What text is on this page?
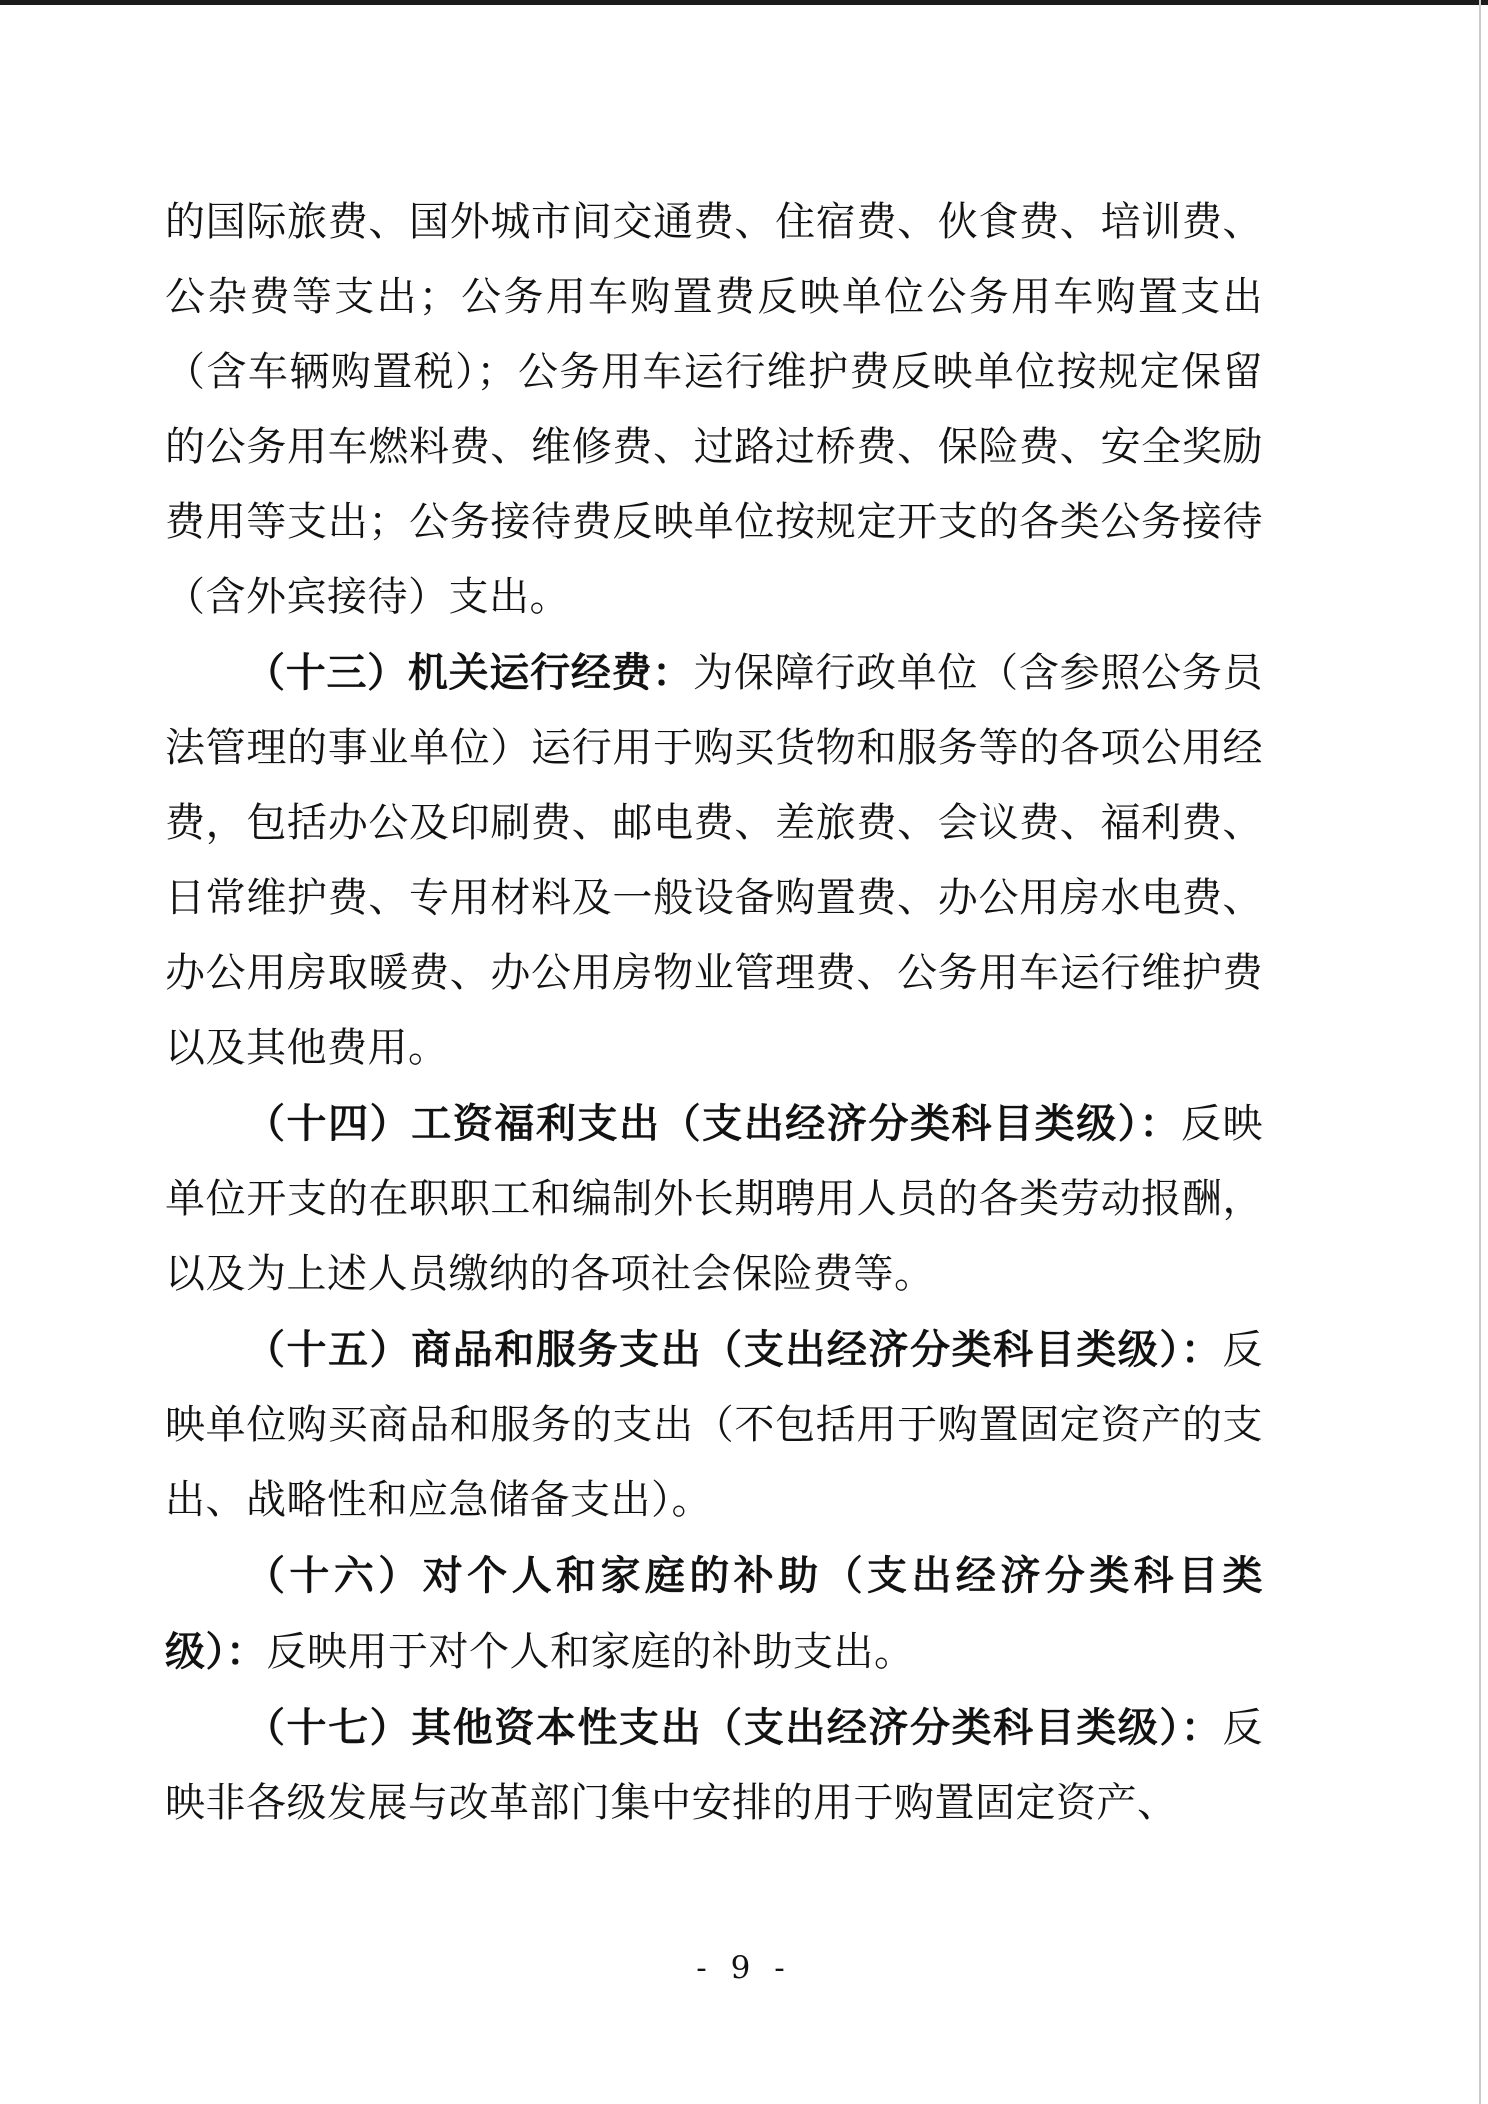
的国际旅费、国外城市间交通费、住宿费、伙食费、培训费、公杂费等支出；公务用车购置费反映单位公务用车购置支出（含车辆购置税）；公务用车运行维护费反映单位按规定保留的公务用车燃料费、维修费、过路过桥费、保险费、安全奖励费用等支出；公务接待费反映单位按规定开支的各类公务接待（含外宾接待）支出。

（十三）机关运行经费：为保障行政单位（含参照公务员法管理的事业单位）运行用于购买货物和服务等的各项公用经费，包括办公及印刷费、邮电费、差旅费、会议费、福利费、日常维护费、专用材料及一般设备购置费、办公用房水电费、办公用房取暖费、办公用房物业管理费、公务用车运行维护费以及其他费用。

（十四）工资福利支出（支出经济分类科目类级）：反映单位开支的在职职工和编制外长期聘用人员的各类劳动报酬，以及为上述人员缴纳的各项社会保险费等。

（十五）商品和服务支出（支出经济分类科目类级）：反映单位购买商品和服务的支出（不包括用于购置固定资产的支出、战略性和应急储备支出）。

（十六）对个人和家庭的补助（支出经济分类科目类级）：反映用于对个人和家庭的补助支出。

（十七）其他资本性支出（支出经济分类科目类级）：反映非各级发展与改革部门集中安排的用于购置固定资产、

- 9 -
